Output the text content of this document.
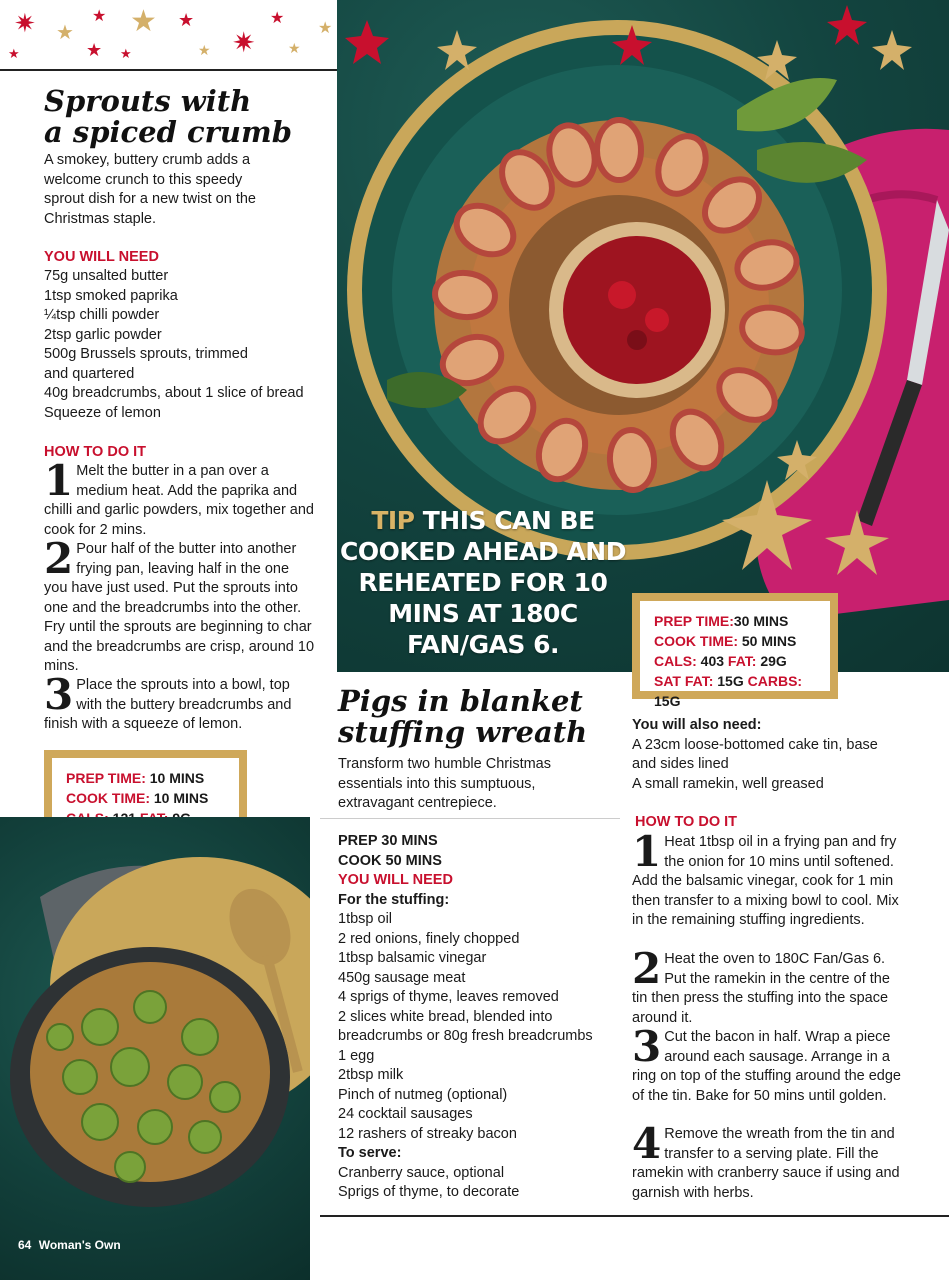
✷ ★
★ ★
★
★
★ ✷
★
★
★
★	★
TIP THIS CAN BE COOKED AHEAD AND REHEATED FOR 10 MINS AT 180C FAN/GAS 6.
Sprouts with
a spiced crumb
A smokey, buttery crumb adds a welcome crunch to this speedy sprout dish for a new twist on the Christmas staple.
YOU WILL NEED
75g unsalted butter
1tsp smoked paprika
¼tsp chilli powder
2tsp garlic powder
500g Brussels sprouts, trimmed
and quartered
40g breadcrumbs, about 1 slice of bread
Squeeze of lemon
HOW TO DO IT
1 Melt the butter in a pan over a medium heat. Add the paprika and chilli and garlic powders, mix together and cook for 2 mins.
2 Pour half of the butter into another frying pan, leaving half in the one you have just used. Put the sprouts into one and the breadcrumbs into the other. Fry until the sprouts are beginning to char and the breadcrumbs are crisp, around 10 mins.
3 Place the sprouts into a bowl, top with the buttery breadcrumbs and finish with a squeeze of lemon.
PREP TIME: 10 MINS
COOK TIME: 10 MINS
64 Woman's Own
Pigs in blanket
stuffing wreath
Transform two humble Christmas essentials into this sumptuous, extravagant centrepiece.
PREP 30 MINS
COOK 50 MINS
YOU WILL NEED
For the stuffing:
1tbsp oil
2 red onions, finely chopped
1tbsp balsamic vinegar
450g sausage meat
4 sprigs of thyme, leaves removed
2 slices white bread, blended into
breadcrumbs or 80g fresh breadcrumbs
1 egg
2tbsp milk
Pinch of nutmeg (optional)
24 cocktail sausages
12 rashers of streaky bacon
To serve:
Cranberry sauce, optional
Sprigs of thyme, to decorate
PREP TIME:30 MINS
COOK TIME: 50 MINS
CALS: 403 FAT: 29G
SAT FAT: 15G CARBS: 15G
You will also need:
A 23cm loose-bottomed cake tin, base
and sides lined
A small ramekin, well greased
HOW TO DO IT
1 Heat 1tbsp oil in a frying pan and fry the onion for 10 mins until softened. Add the balsamic vinegar, cook for 1 min then transfer to a mixing bowl to cool. Mix in the remaining stuffing ingredients.
2 Heat the oven to 180C Fan/Gas 6. Put the ramekin in the centre of the tin then press the stuffing into the space around it.
3 Cut the bacon in half. Wrap a piece around each sausage. Arrange in a ring on top of the stuffing around the edge of the tin. Bake for 50 mins until golden.
4 Remove the wreath from the tin and transfer to a serving plate. Fill the ramekin with cranberry sauce if using and garnish with herbs.
